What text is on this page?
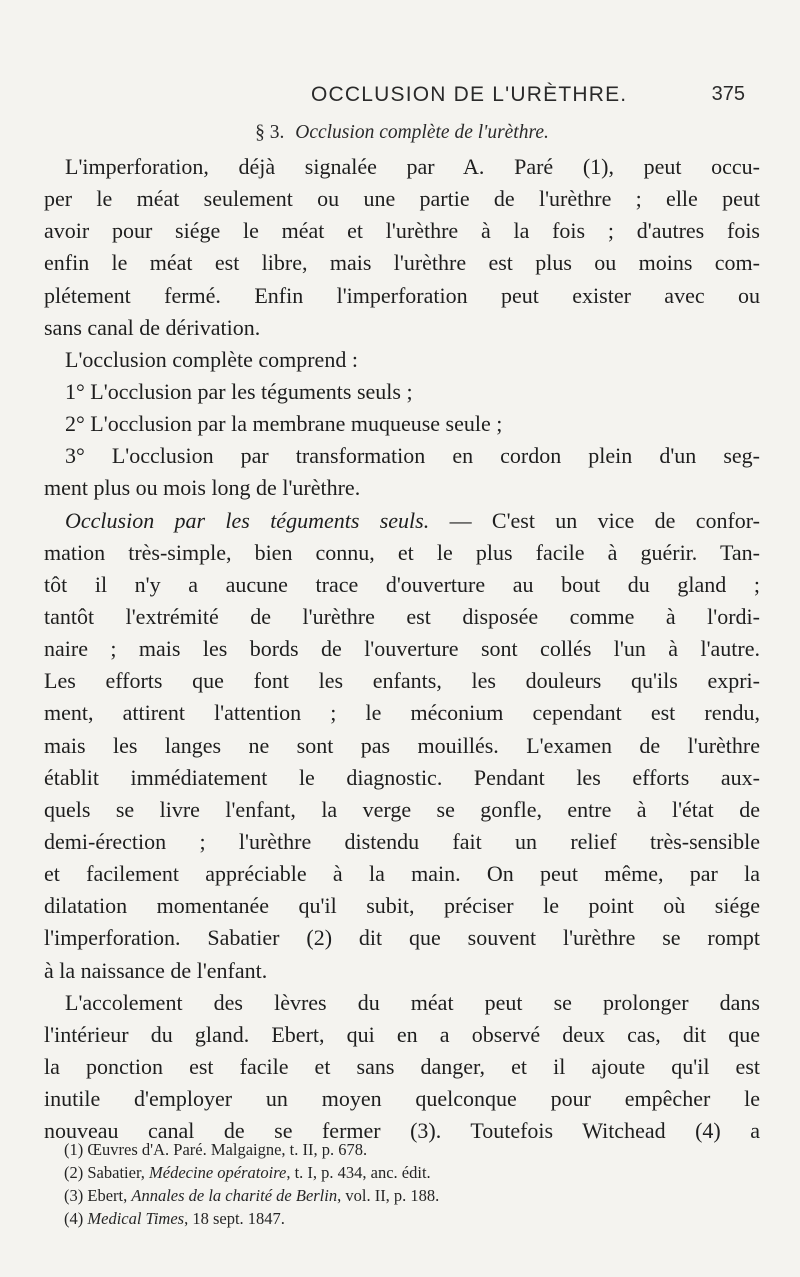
OCCLUSION DE L'URÈTHRE.	375
§ 3. Occlusion complète de l'urèthre.
L'imperforation, déjà signalée par A. Paré (1), peut occu-
per le méat seulement ou une partie de l'urèthre ; elle peut
avoir pour siége le méat et l'urèthre à la fois ; d'autres fois
enfin le méat est libre, mais l'urèthre est plus ou moins com-
plétement fermé. Enfin l'imperforation peut exister avec ou
sans canal de dérivation.
L'occlusion complète comprend :
1° L'occlusion par les téguments seuls ;
2° L'occlusion par la membrane muqueuse seule ;
3° L'occlusion par transformation en cordon plein d'un seg-
ment plus ou mois long de l'urèthre.
Occlusion par les téguments seuls. — C'est un vice de confor-
mation très-simple, bien connu, et le plus facile à guérir. Tan-
tôt il n'y a aucune trace d'ouverture au bout du gland ;
tantôt l'extrémité de l'urèthre est disposée comme à l'ordi-
naire ; mais les bords de l'ouverture sont collés l'un à l'autre.
Les efforts que font les enfants, les douleurs qu'ils expri-
ment, attirent l'attention ; le méconium cependant est rendu,
mais les langes ne sont pas mouillés. L'examen de l'urèthre
établit immédiatement le diagnostic. Pendant les efforts aux-
quels se livre l'enfant, la verge se gonfle, entre à l'état de
demi-érection ; l'urèthre distendu fait un relief très-sensible
et facilement appréciable à la main. On peut même, par la
dilatation momentanée qu'il subit, préciser le point où siége
l'imperforation. Sabatier (2) dit que souvent l'urèthre se rompt
à la naissance de l'enfant.
L'accolement des lèvres du méat peut se prolonger dans
l'intérieur du gland. Ebert, qui en a observé deux cas, dit que
la ponction est facile et sans danger, et il ajoute qu'il est
inutile d'employer un moyen quelconque pour empêcher le
nouveau canal de se fermer (3). Toutefois Witchead (4) a
(1) Œuvres d'A. Paré. Malgaigne, t. II, p. 678.
(2) Sabatier, Médecine opératoire, t. I, p. 434, anc. édit.
(3) Ebert, Annales de la charité de Berlin, vol. II, p. 188.
(4) Medical Times, 18 sept. 1847.
